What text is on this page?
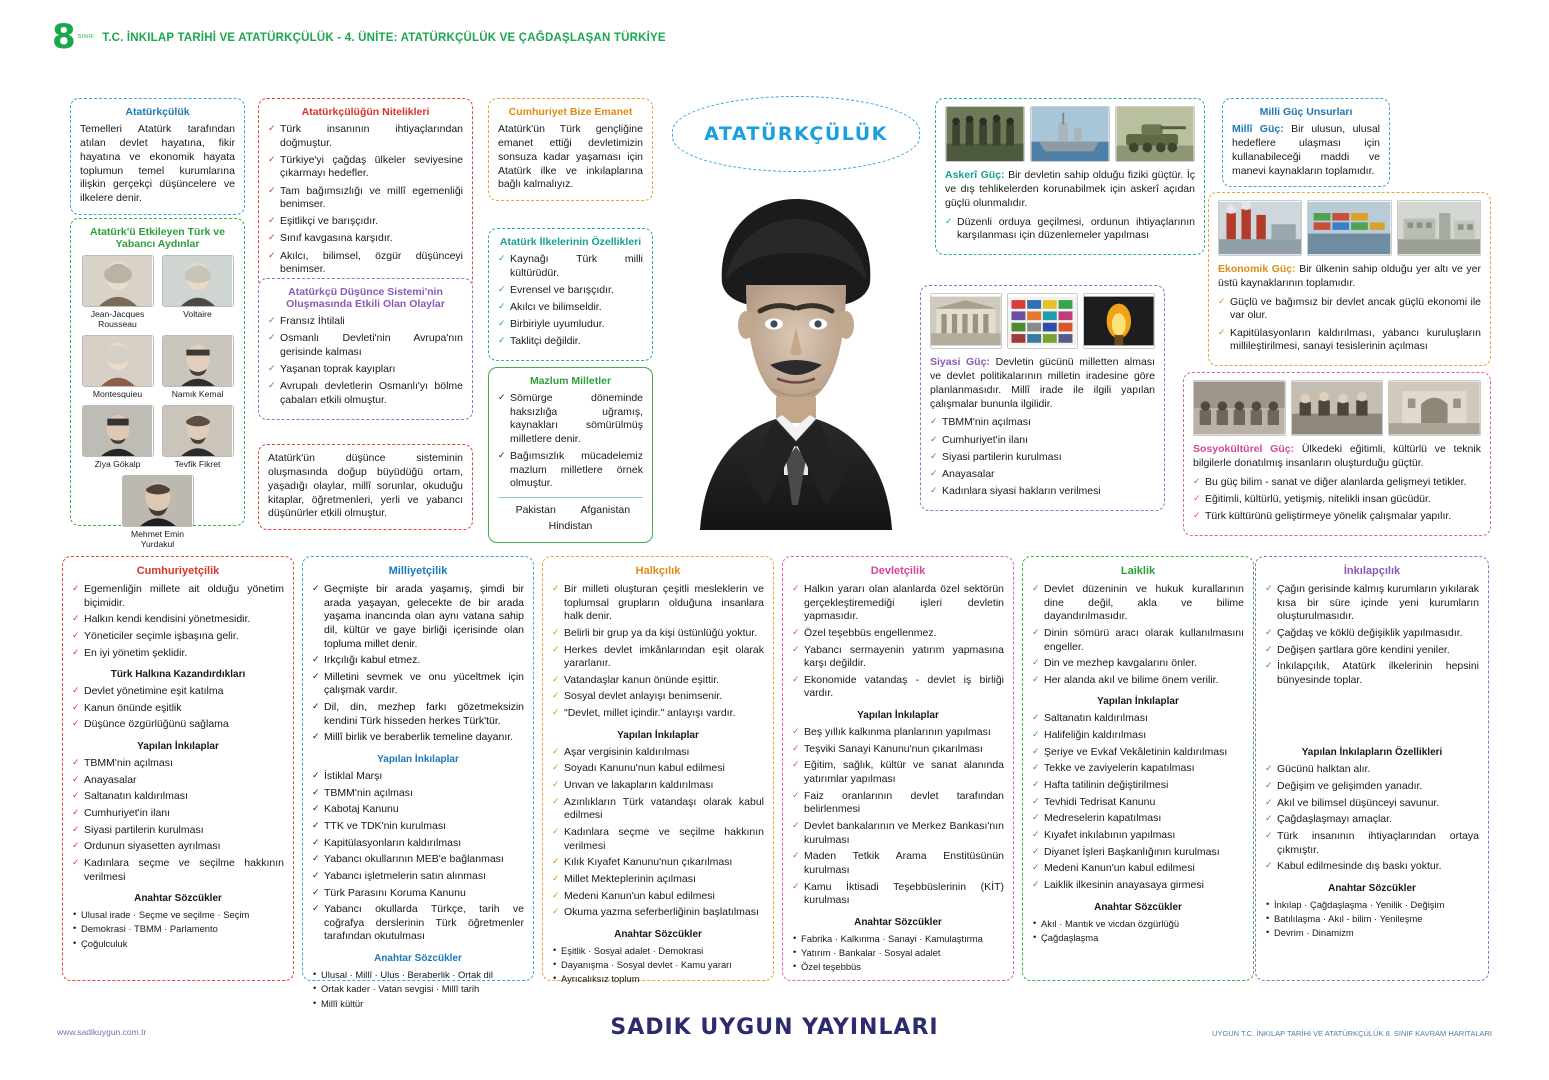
8 SINIF T.C. İNKILAP TARİHİ VE ATATÜRKÇÜLÜK - 4. ÜNİTE: ATATÜRKÇÜLÜK VE ÇAĞDAŞLAŞAN TÜRKİYE
ATATÜRKÇÜLÜK
Atatürkçülük

Temelleri Atatürk tarafından atılan devlet hayatına, fikir hayatına ve ekonomik hayata toplumun temel kurumlarına ilişkin gerçekçi düşüncelere ve ilkelere denir.

Atatürk'ü Etkileyen Türk ve Yabancı Aydınlar
Jean-Jacques Rousseau
Voltaire
Montesquieu	Namık Kemal
Ziya Gökalp	Tevfik Fikret
Mehmet Emin Yurdakul
Atatürkçülüğün Nitelikleri
✓ Türk insanının ihtiyaçlarından doğmuştur.
✓ Türkiye'yi çağdaş ülkeler seviyesine çıkarmayı hedefler.
✓ Tam bağımsızlığı ve millî egemenliği benimser.
✓ Eşitlikçi ve barışçıdır.
✓ Sınıf kavgasına karşıdır.
✓ Akılcı, bilimsel, özgür düşünceyi benimser.
Atatürkçü Düşünce Sistemi'nin Oluşmasında Etkili Olan Olaylar
✓ Fransız İhtilali
✓ Osmanlı Devleti'nin Avrupa'nın gerisinde kalması
✓ Yaşanan toprak kayıpları
✓ Avrupalı devletlerin Osmanlı'yı bölme çabaları etkili olmuştur.

Atatürk'ün düşünce sisteminin oluşmasında doğup büyüdüğü ortam, yaşadığı olaylar, millî sorunlar, okuduğu kitaplar, öğretmenleri, yerli ve yabancı düşünürler etkili olmuştur.

Cumhuriyet Bize Emanet

Atatürk'ün Türk gençliğine emanet ettiği devletimizin sonsuza kadar yaşaması için Atatürk ilke ve inkılaplarına bağlı kalmalıyız.

Atatürk İlkelerinin Özellikleri
✓ Kaynağı Türk milli kültürüdür.
✓ Evrensel ve barışçıdır.
✓ Akılcı ve bilimseldir.
✓ Birbiriyle uyumludur.
✓ Taklitçi değildir.
Mazlum Milletler
✓ Sömürge döneminde haksızlığa uğramış, kaynakları sömürülmüş milletlere denir.
✓ Bağımsızlık mücadelemiz mazlum milletlere örnek olmuştur.
Pakistan Afganistan
Hindistan

Askerî Güç: Bir devletin sahip olduğu fiziki güçtür. İç ve dış tehlikelerden korunabilmek için askerî açıdan güçlü olunmalıdır.

✓ Düzenli orduya geçilmesi, ordunun ihtiyaçlarının karşılanması için düzenlemeler yapılması

Siyasi Güç: Devletin gücünü milletten alması ve devlet politikalarının milletin iradesine göre planlanmasıdır. Millî irade ile ilgili yapılan çalışmalar bununla ilgilidir.

✓ TBMM'nin açılması
✓ Cumhuriyet'in ilanı
✓ Siyasi partilerin kurulması
✓ Anayasalar
✓ Kadınlara siyasi hakların verilmesi
Milli Güç Unsurları

Millî Güç: Bir ulusun, ulusal hedeflere ulaşması için kullanabileceği maddi ve manevi kaynakların toplamıdır.

Ekonomik Güç: Bir ülkenin sahip olduğu yer altı ve yer üstü kaynaklarının toplamıdır.

✓ Güçlü ve bağımsız bir devlet ancak güçlü ekonomi ile var olur.
✓ Kapitülasyonların kaldırılması, yabancı kuruluşların millileştirilmesi, sanayi tesislerinin açılması

Sosyokültürel Güç: Ülkedeki eğitimli, kültürlü ve teknik bilgilerle donatılmış insanların oluşturduğu güçtür.

✓ Bu güç bilim - sanat ve diğer alanlarda gelişmeyi tetikler.
✓ Eğitimli, kültürlü, yetişmiş, nitelikli insan gücüdür.
✓ Türk kültürünü geliştirmeye yönelik çalışmalar yapılır.
Cumhuriyetçilik
✓ Egemenliğin millete ait olduğu yönetim biçimidir.
✓ Halkın kendi kendisini yönetmesidir.
✓ Yöneticiler seçimle işbaşına gelir.
✓ En iyi yönetim şeklidir.
Türk Halkına Kazandırdıkları
✓ Devlet yönetimine eşit katılma
✓ Kanun önünde eşitlik
✓ Düşünce özgürlüğünü sağlama
Yapılan İnkılaplar
✓ TBMM'nin açılması
✓ Anayasalar
✓ Saltanatın kaldırılması
✓ Cumhuriyet'in ilanı
✓ Siyasi partilerin kurulması
✓ Ordunun siyasetten ayrılması
✓ Kadınlara seçme ve seçilme hakkının verilmesi
Anahtar Sözcükler
• Ulusal irade · Seçme ve seçilme · Seçim
• Demokrasi · TBMM · Parlamento
• Çoğulculuk
Milliyetçilik
✓ Geçmişte bir arada yaşamış, şimdi bir arada yaşayan, gelecekte de bir arada yaşama inancında olan aynı vatana sahip dil, kültür ve gaye birliği içerisinde olan topluma millet denir.
✓ Irkçılığı kabul etmez.
✓ Milletini sevmek ve onu yüceltmek için çalışmak vardır.
✓ Dil, din, mezhep farkı gözetmeksizin kendini Türk hisseden herkes Türk'tür.
✓ Millî birlik ve beraberlik temeline dayanır.
Yapılan İnkılaplar
✓ İstiklal Marşı
✓ TBMM'nin açılması
✓ Kabotaj Kanunu
✓ TTK ve TDK'nin kurulması
✓ Kapitülasyonların kaldırılması
✓ Yabancı okullarının MEB'e bağlanması
✓ Yabancı işletmelerin satın alınması
✓ Türk Parasını Koruma Kanunu
✓ Yabancı okullarda Türkçe, tarih ve coğrafya derslerinin Türk öğretmenler tarafından okutulması
Anahtar Sözcükler
• Ulusal · Millî · Ulus · Beraberlik · Ortak dil
• Ortak kader · Vatan sevgisi · Millî tarih
• Millî kültür
Halkçılık
✓ Bir milleti oluşturan çeşitli mesleklerin ve toplumsal grupların olduğuna insanlara halk denir.
✓ Belirli bir grup ya da kişi üstünlüğü yoktur.
✓ Herkes devlet imkânlarından eşit olarak yararlanır.
✓ Vatandaşlar kanun önünde eşittir.
✓ Sosyal devlet anlayışı benimsenir.
✓ "Devlet, millet içindir." anlayışı vardır.
Yapılan İnkılaplar
✓ Aşar vergisinin kaldırılması
✓ Soyadı Kanunu'nun kabul edilmesi
✓ Unvan ve lakapların kaldırılması
✓ Azınlıkların Türk vatandaşı olarak kabul edilmesi
✓ Kadınlara seçme ve seçilme hakkının verilmesi
✓ Kılık Kıyafet Kanunu'nun çıkarılması
✓ Millet Mekteplerinin açılması
✓ Medeni Kanun'un kabul edilmesi
✓ Okuma yazma seferberliğinin başlatılması
Anahtar Sözcükler
• Eşitlik · Sosyal adalet · Demokrasi
• Dayanışma · Sosyal devlet · Kamu yararı
• Ayrıcalıksız toplum
Devletçilik
✓ Halkın yararı olan alanlarda özel sektörün gerçekleştiremediği işleri devletin yapmasıdır.
✓ Özel teşebbüs engellenmez.
✓ Yabancı sermayenin yatırım yapmasına karşı değildir.
✓ Ekonomide vatandaş - devlet iş birliği vardır.
Yapılan İnkılaplar
✓ Beş yıllık kalkınma planlarının yapılması
✓ Teşviki Sanayi Kanunu'nun çıkarılması
✓ Eğitim, sağlık, kültür ve sanat alanında yatırımlar yapılması
✓ Faiz oranlarının devlet tarafından belirlenmesi
✓ Devlet bankalarının ve Merkez Bankası'nın kurulması
✓ Maden Tetkik Arama Enstitüsünün kurulması
✓ Kamu İktisadi Teşebbüslerinin (KİT) kurulması
Anahtar Sözcükler
• Fabrika · Kalkınma · Sanayi · Kamulaştırma
• Yatırım · Bankalar · Sosyal adalet
• Özel teşebbüs
Laiklik
✓ Devlet düzeninin ve hukuk kurallarının dine değil, akla ve bilime dayandırılmasıdır.
✓ Dinin sömürü aracı olarak kullanılmasını engeller.
✓ Din ve mezhep kavgalarını önler.
✓ Her alanda akıl ve bilime önem verilir.
Yapılan İnkılaplar
✓ Saltanatın kaldırılması
✓ Halifeliğin kaldırılması
✓ Şeriye ve Evkaf Vekâletinin kaldırılması
✓ Tekke ve zaviyelerin kapatılması
✓ Hafta tatilinin değiştirilmesi
✓ Tevhidi Tedrisat Kanunu
✓ Medreselerin kapatılması
✓ Kıyafet inkılabının yapılması
✓ Diyanet İşleri Başkanlığının kurulması
✓ Medeni Kanun'un kabul edilmesi
✓ Laiklik ilkesinin anayasaya girmesi
Anahtar Sözcükler
• Akıl · Mantık ve vicdan özgürlüğü
• Çağdaşlaşma
İnkılapçılık
✓ Çağın gerisinde kalmış kurumların yıkılarak kısa bir süre içinde yeni kurumların oluşturulmasıdır.
✓ Çağdaş ve köklü değişiklik yapılmasıdır.
✓ Değişen şartlara göre kendini yeniler.
✓ İnkılapçılık, Atatürk ilkelerinin hepsini bünyesinde toplar.
Yapılan İnkılapların Özellikleri
✓ Gücünü halktan alır.
✓ Değişim ve gelişimden yanadır.
✓ Akıl ve bilimsel düşünceyi savunur.
✓ Çağdaşlaşmayı amaçlar.
✓ Türk insanının ihtiyaçlarından ortaya çıkmıştır.
✓ Kabul edilmesinde dış baskı yoktur.
Anahtar Sözcükler
• İnkılap · Çağdaşlaşma · Yenilik · Değişim
• Batılılaşma · Akıl - bilim · Yenileşme
• Devrim · Dinamizm
www.sadikuygun.com.tr	SADIK UYGUN YAYINLARI	UYGUN T.C. İNKILAP TARİHİ VE ATATÜRKÇÜLÜK 8. SINIF KAVRAM HARİTALARI
